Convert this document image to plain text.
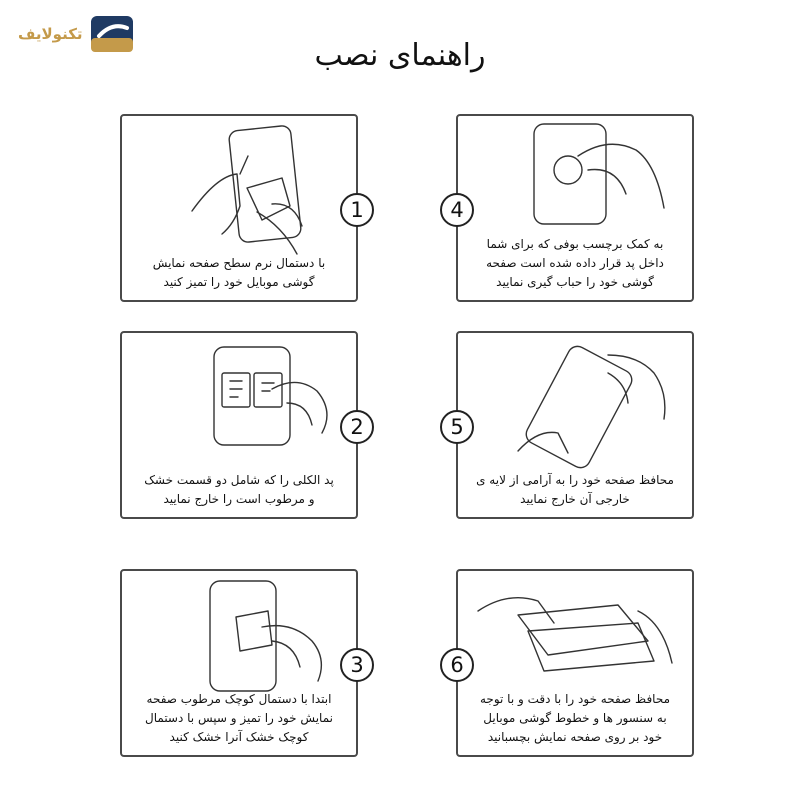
تکنولایف
راهنمای نصب
با دستمال نرم سطح صفحه نمایش
گوشی موبایل خود را تمیز کنید
1
پد الکلی را که شامل دو قسمت خشک
و مرطوب است را خارج نمایید
2
ابتدا با دستمال کوچک مرطوب صفحه
نمایش خود را تمیز و سپس با دستمال
کوچک خشک آنرا خشک کنید
3
به کمک برچسب بوفی که برای شما
داخل پد قرار داده شده است صفحه
گوشی خود را حباب گیری نمایید
4
محافظ صفحه خود را به آرامی از لایه ی
خارجی آن خارج نمایید
5
محافظ صفحه خود را با دقت و با توجه
به سنسور ها و خطوط گوشی موبایل
خود بر روی صفحه نمایش بچسبانید
6
